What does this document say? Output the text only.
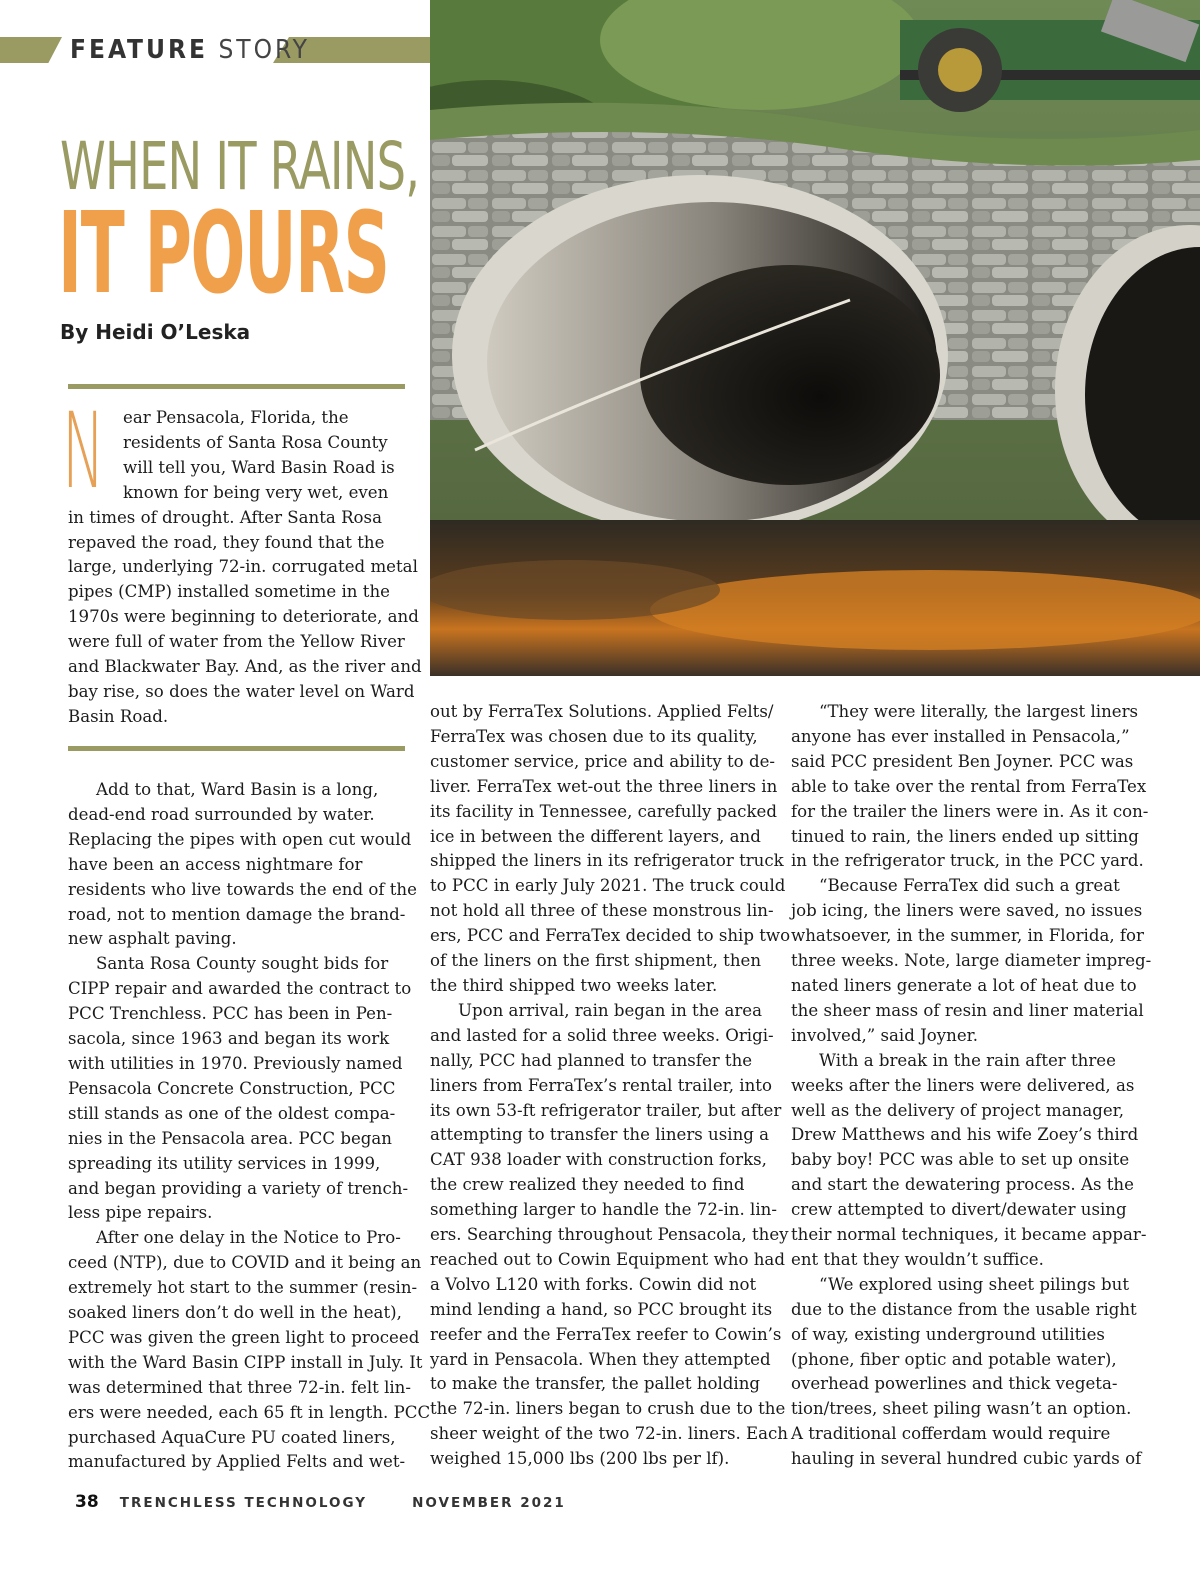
FEATURE STORY
WHEN IT RAINS,
IT POURS
By Heidi O’Leska
N	ear Pensacola, Florida, the
residents of Santa Rosa County
will tell you, Ward Basin Road is
known for being very wet, even
in times of drought. After Santa Rosa
repaved the road, they found that the
large, underlying 72-in. corrugated metal
pipes (CMP) installed sometime in the
1970s were beginning to deteriorate, and
were full of water from the Yellow River
and Blackwater Bay. And, as the river and
bay rise, so does the water level on Ward
Basin Road.
Add to that, Ward Basin is a long,
dead-end road surrounded by water.
Replacing the pipes with open cut would
have been an access nightmare for
residents who live towards the end of the
road, not to mention damage the brand-
new asphalt paving.
Santa Rosa County sought bids for
CIPP repair and awarded the contract to
PCC Trenchless. PCC has been in Pen-
sacola, since 1963 and began its work
with utilities in 1970. Previously named
Pensacola Concrete Construction, PCC
still stands as one of the oldest compa-
nies in the Pensacola area. PCC began
spreading its utility services in 1999,
and began providing a variety of trench-
less pipe repairs.
After one delay in the Notice to Pro-
ceed (NTP), due to COVID and it being an
extremely hot start to the summer (resin-
soaked liners don’t do well in the heat),
PCC was given the green light to proceed
with the Ward Basin CIPP install in July. It
was determined that three 72-in. felt lin-
ers were needed, each 65 ft in length. PCC
purchased AquaCure PU coated liners,
manufactured by Applied Felts and wet-
out by FerraTex Solutions. Applied Felts/
FerraTex was chosen due to its quality,
customer service, price and ability to de-
liver. FerraTex wet-out the three liners in
its facility in Tennessee, carefully packed
ice in between the different layers, and
shipped the liners in its refrigerator truck
to PCC in early July 2021. The truck could
not hold all three of these monstrous lin-
ers, PCC and FerraTex decided to ship two
of the liners on the first shipment, then
the third shipped two weeks later.
Upon arrival, rain began in the area
and lasted for a solid three weeks. Origi-
nally, PCC had planned to transfer the
liners from FerraTex’s rental trailer, into
its own 53-ft refrigerator trailer, but after
attempting to transfer the liners using a
CAT 938 loader with construction forks,
the crew realized they needed to find
something larger to handle the 72-in. lin-
ers. Searching throughout Pensacola, they
reached out to Cowin Equipment who had
a Volvo L120 with forks. Cowin did not
mind lending a hand, so PCC brought its
reefer and the FerraTex reefer to Cowin’s
yard in Pensacola. When they attempted
to make the transfer, the pallet holding
the 72-in. liners began to crush due to the
sheer weight of the two 72-in. liners. Each
weighed 15,000 lbs (200 lbs per lf).
“They were literally, the largest liners
anyone has ever installed in Pensacola,”
said PCC president Ben Joyner. PCC was
able to take over the rental from FerraTex
for the trailer the liners were in. As it con-
tinued to rain, the liners ended up sitting
in the refrigerator truck, in the PCC yard.
“Because FerraTex did such a great
job icing, the liners were saved, no issues
whatsoever, in the summer, in Florida, for
three weeks. Note, large diameter impreg-
nated liners generate a lot of heat due to
the sheer mass of resin and liner material
involved,” said Joyner.
With a break in the rain after three
weeks after the liners were delivered, as
well as the delivery of project manager,
Drew Matthews and his wife Zoey’s third
baby boy! PCC was able to set up onsite
and start the dewatering process. As the
crew attempted to divert/dewater using
their normal techniques, it became appar-
ent that they wouldn’t suffice.
“We explored using sheet pilings but
due to the distance from the usable right
of way, existing underground utilities
(phone, fiber optic and potable water),
overhead powerlines and thick vegeta-
tion/trees, sheet piling wasn’t an option.
A traditional cofferdam would require
hauling in several hundred cubic yards of
38 TRENCHLESS TECHNOLOGY	NOVEMBER 2021
